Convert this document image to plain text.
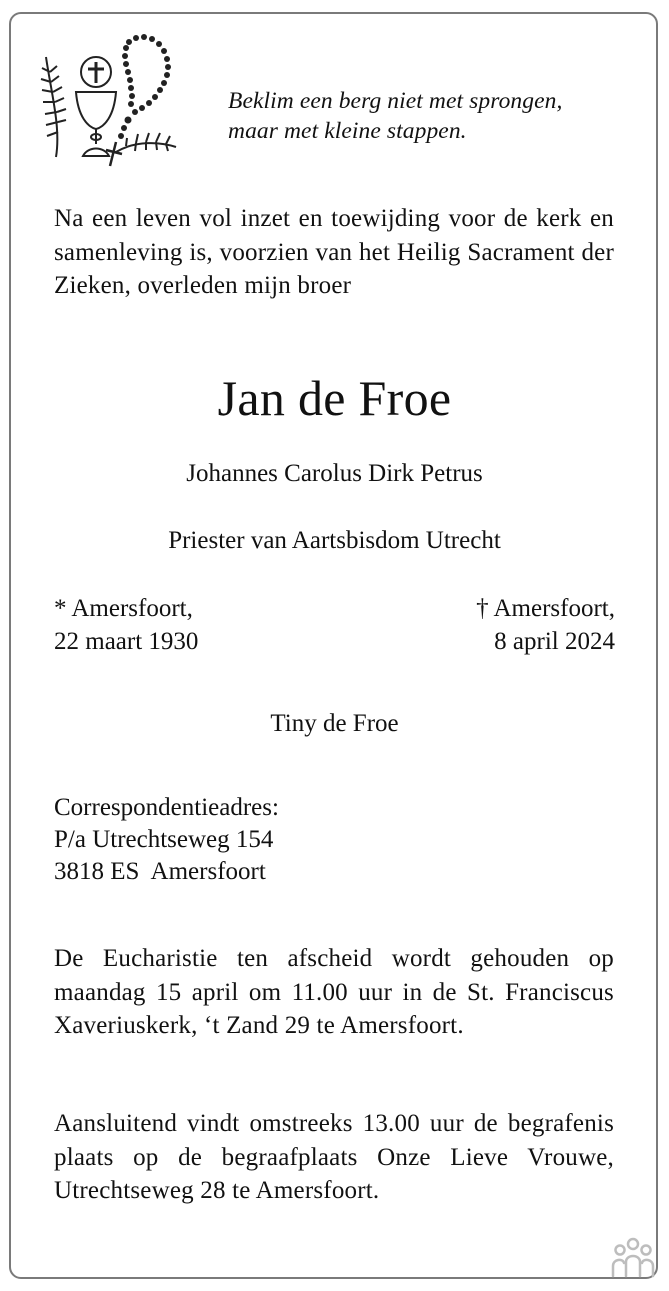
Beklim een berg niet met sprongen,
maar met kleine stappen.
Na een leven vol inzet en toewijding voor de kerk en samenleving is, voorzien van het Heilig Sacrament der Zieken, overleden mijn broer
Jan de Froe
Johannes Carolus Dirk Petrus
Priester van Aartsbisdom Utrecht
* Amersfoort,
22 maart 1930
† Amersfoort,
8 april 2024
Tiny de Froe
Correspondentieadres:
P/a Utrechtseweg 154
3818 ES  Amersfoort
De Eucharistie ten afscheid wordt gehouden op maandag 15 april om 11.00 uur in de St. Franciscus Xaveriuskerk, ‘t Zand 29 te Amersfoort.
Aansluitend vindt omstreeks 13.00 uur de begrafenis plaats op de begraafplaats Onze Lieve Vrouwe, Utrechtseweg 28 te Amersfoort.
